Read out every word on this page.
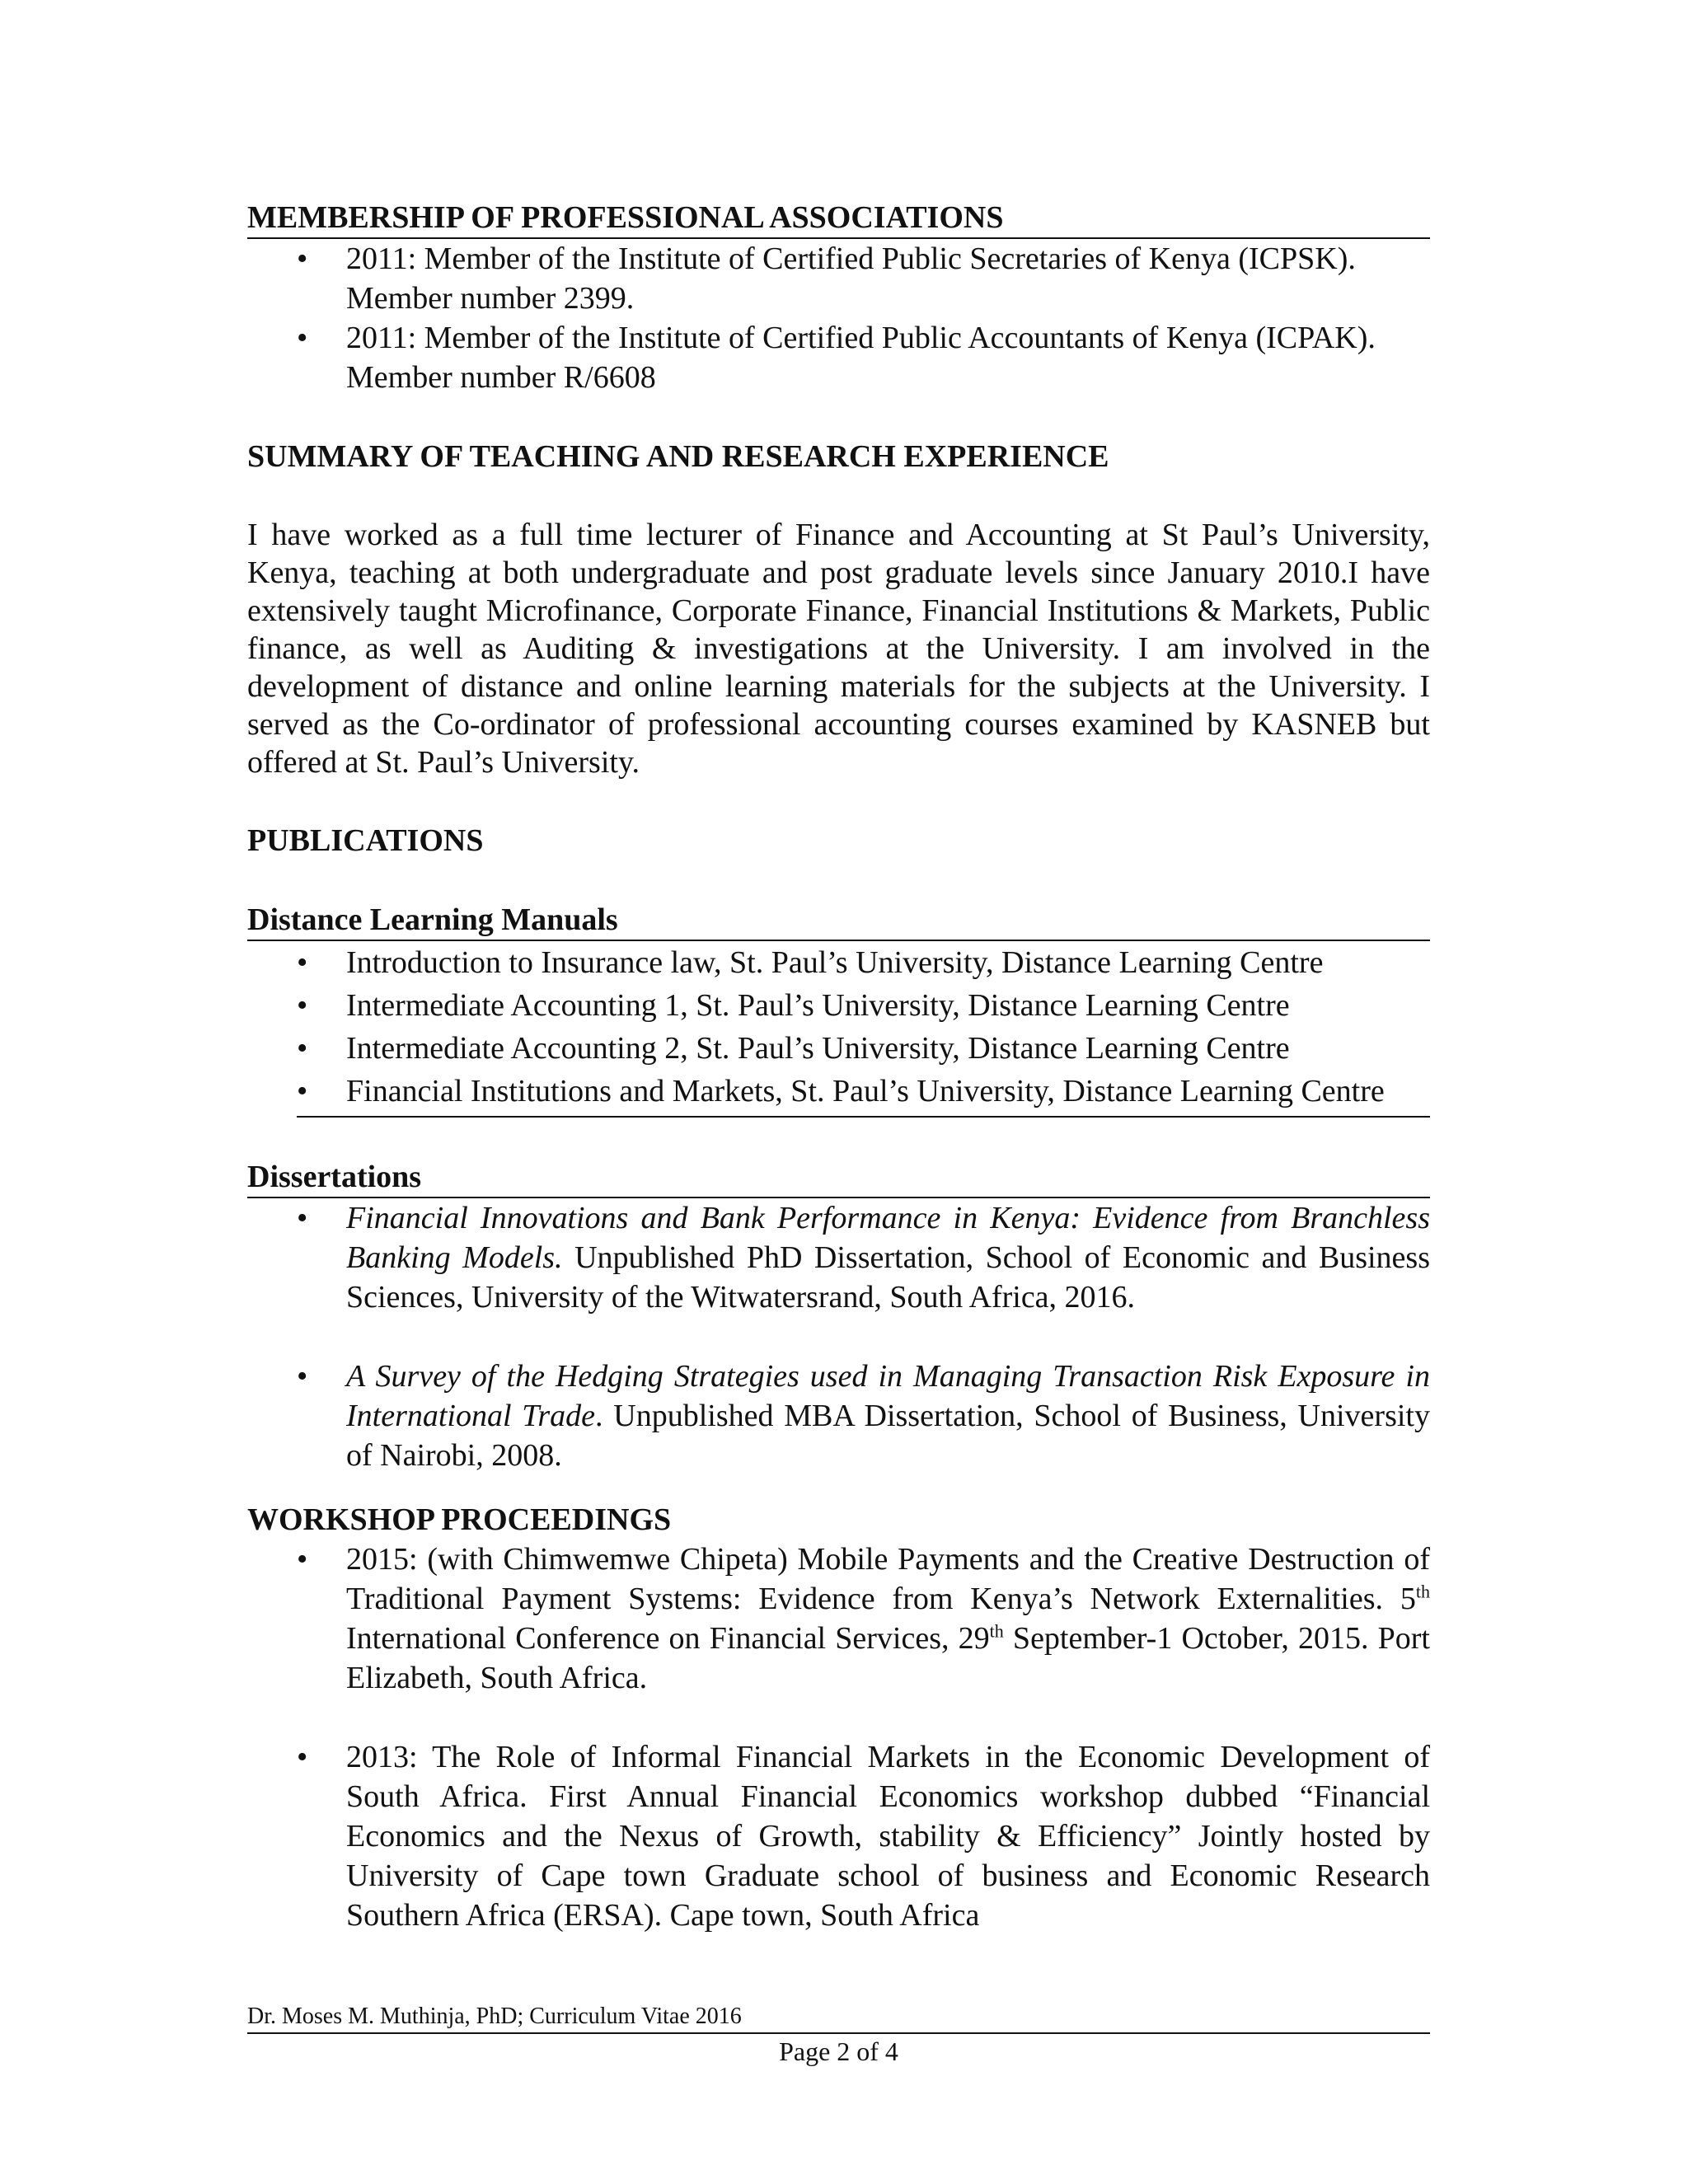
MEMBERSHIP OF PROFESSIONAL ASSOCIATIONS
• 2011: Member of the Institute of Certified Public Secretaries of Kenya (ICPSK). Member number 2399.
• 2011: Member of the Institute of Certified Public Accountants of Kenya (ICPAK). Member number R/6608
SUMMARY OF TEACHING AND RESEARCH EXPERIENCE

I have worked as a full time lecturer of Finance and Accounting at St Paul’s University, Kenya, teaching at both undergraduate and post graduate levels since January 2010.I have extensively taught Microfinance, Corporate Finance, Financial Institutions & Markets, Public finance, as well as Auditing & investigations at the University. I am involved in the development of distance and online learning materials for the subjects at the University. I served as the Co-ordinator of professional accounting courses examined by KASNEB but offered at St. Paul’s University.

PUBLICATIONS
Distance Learning Manuals
• Introduction to Insurance law, St. Paul’s University, Distance Learning Centre
• Intermediate Accounting 1, St. Paul’s University, Distance Learning Centre
• Intermediate Accounting 2, St. Paul’s University, Distance Learning Centre
• Financial Institutions and Markets, St. Paul’s University, Distance Learning Centre
Dissertations
• Financial Innovations and Bank Performance in Kenya: Evidence from Branchless Banking Models. Unpublished PhD Dissertation, School of Economic and Business Sciences, University of the Witwatersrand, South Africa, 2016.
• A Survey of the Hedging Strategies used in Managing Transaction Risk Exposure in International Trade. Unpublished MBA Dissertation, School of Business, University of Nairobi, 2008.
WORKSHOP PROCEEDINGS
• 2015: (with Chimwemwe Chipeta) Mobile Payments and the Creative Destruction of Traditional Payment Systems: Evidence from Kenya’s Network Externalities. 5th International Conference on Financial Services, 29th September-1 October, 2015. Port Elizabeth, South Africa.
• 2013: The Role of Informal Financial Markets in the Economic Development of South Africa. First Annual Financial Economics workshop dubbed “Financial Economics and the Nexus of Growth, stability & Efficiency” Jointly hosted by University of Cape town Graduate school of business and Economic Research Southern Africa (ERSA). Cape town, South Africa
Dr. Moses M. Muthinja, PhD; Curriculum Vitae 2016
Page 2 of 4
